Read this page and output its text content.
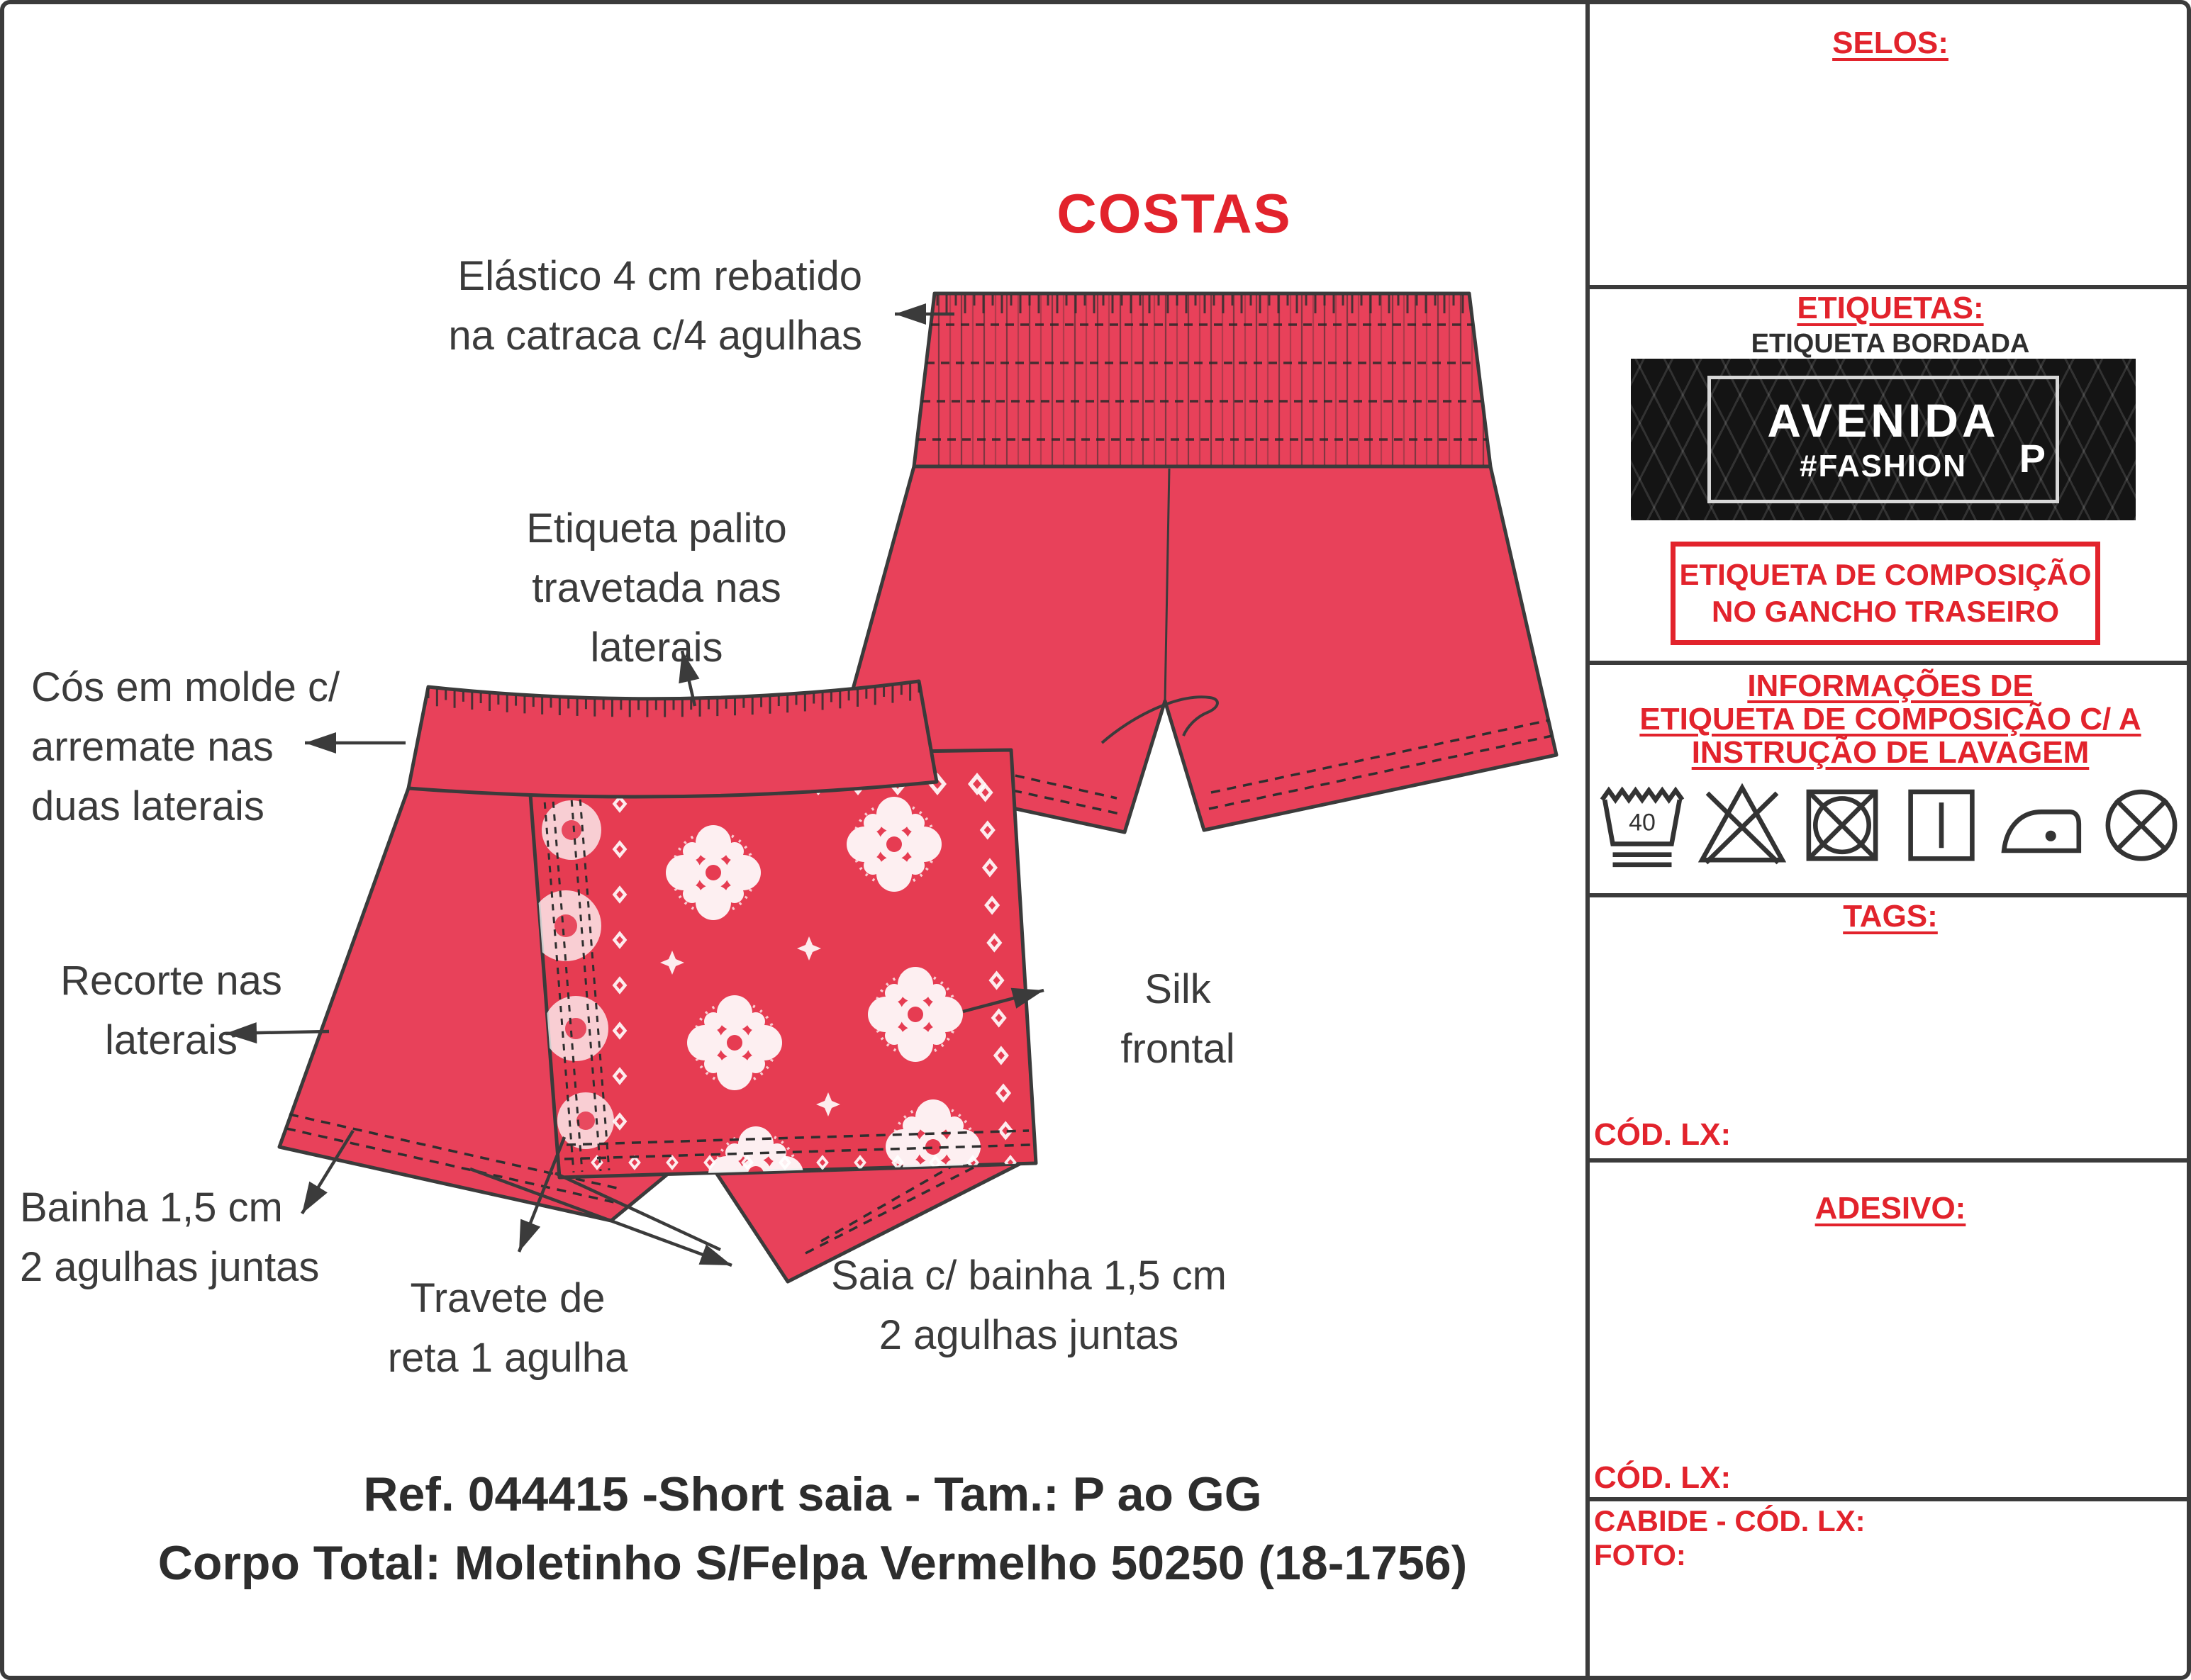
COSTAS
Elástico 4 cm rebatido
na catraca c/4 agulhas
Cós em molde c/
arremate nas
duas laterais
Etiqueta palito
travetada nas
laterais
Recorte nas
laterais
Silk
frontal
Bainha 1,5 cm
2 agulhas juntas
Travete de
reta 1 agulha
Saia c/ bainha 1,5 cm
2 agulhas juntas
Ref. 044415 -Short saia - Tam.: P ao GG
Corpo Total: Moletinho S/Felpa Vermelho 50250 (18-1756)
SELOS:
ETIQUETAS:
ETIQUETA BORDADA
AVENIDA
#FASHION P
ETIQUETA DE COMPOSIÇÃO
NO GANCHO TRASEIRO
INFORMAÇÕES DE
ETIQUETA DE COMPOSIÇÃO C/ A
INSTRUÇÃO DE LAVAGEM
40
TAGS:
CÓD. LX:
ADESIVO:
CÓD. LX:
CABIDE - CÓD. LX:
FOTO:
